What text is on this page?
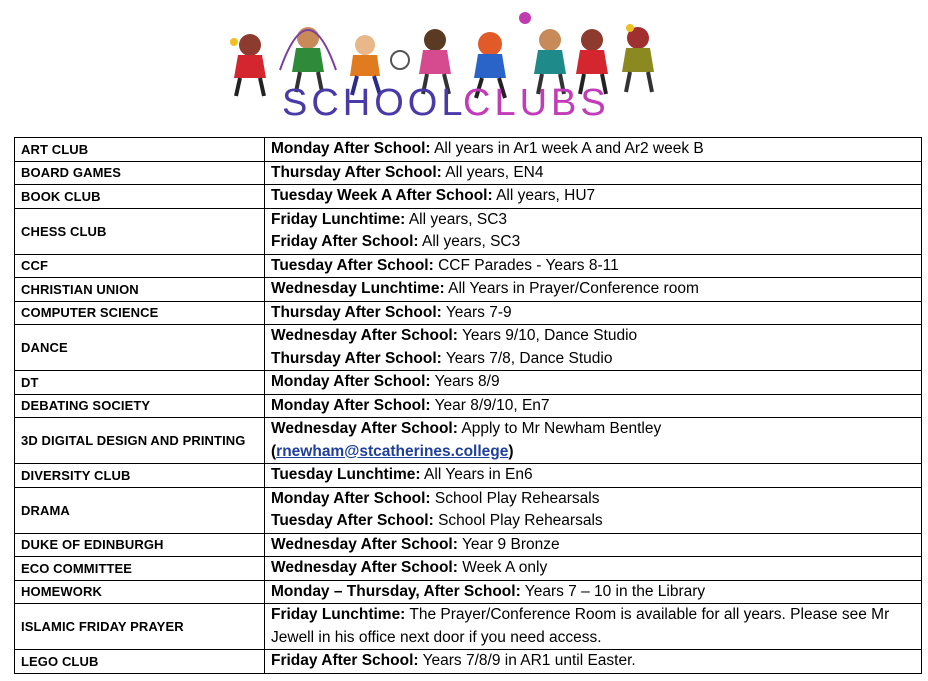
SCHOOL
CLUBS
ART CLUB	Monday After School: All years in Ar1 week A and Ar2 week B

BOARD GAMES	Thursday After School: All years, EN4

BOOK CLUB	Tuesday Week A After School: All years, HU7

CHESS CLUB	Friday Lunchtime: All years, SC3
Friday After School: All years, SC3

CCF	Tuesday After School: CCF Parades - Years 8-11

CHRISTIAN UNION	Wednesday Lunchtime: All Years in Prayer/Conference room

COMPUTER SCIENCE	Thursday After School: Years 7-9

DANCE	Wednesday After School: Years 9/10, Dance Studio
Thursday After School: Years 7/8, Dance Studio

DT	Monday After School: Years 8/9

DEBATING SOCIETY	Monday After School: Year 8/9/10, En7

3D DIGITAL DESIGN AND PRINTING	Wednesday After School: Apply to Mr Newham Bentley
(rnewham@stcatherines.college)

DIVERSITY CLUB	Tuesday Lunchtime: All Years in En6

DRAMA	Monday After School: School Play Rehearsals
Tuesday After School: School Play Rehearsals

DUKE OF EDINBURGH	Wednesday After School: Year 9 Bronze

ECO COMMITTEE	Wednesday After School: Week A only

HOMEWORK	Monday – Thursday, After School: Years 7 – 10 in the Library

ISLAMIC FRIDAY PRAYER	Friday Lunchtime: The Prayer/Conference Room is available for all years. Please see Mr Jewell in his office next door if you need access.

LEGO CLUB	Friday After School: Years 7/8/9 in AR1 until Easter.
